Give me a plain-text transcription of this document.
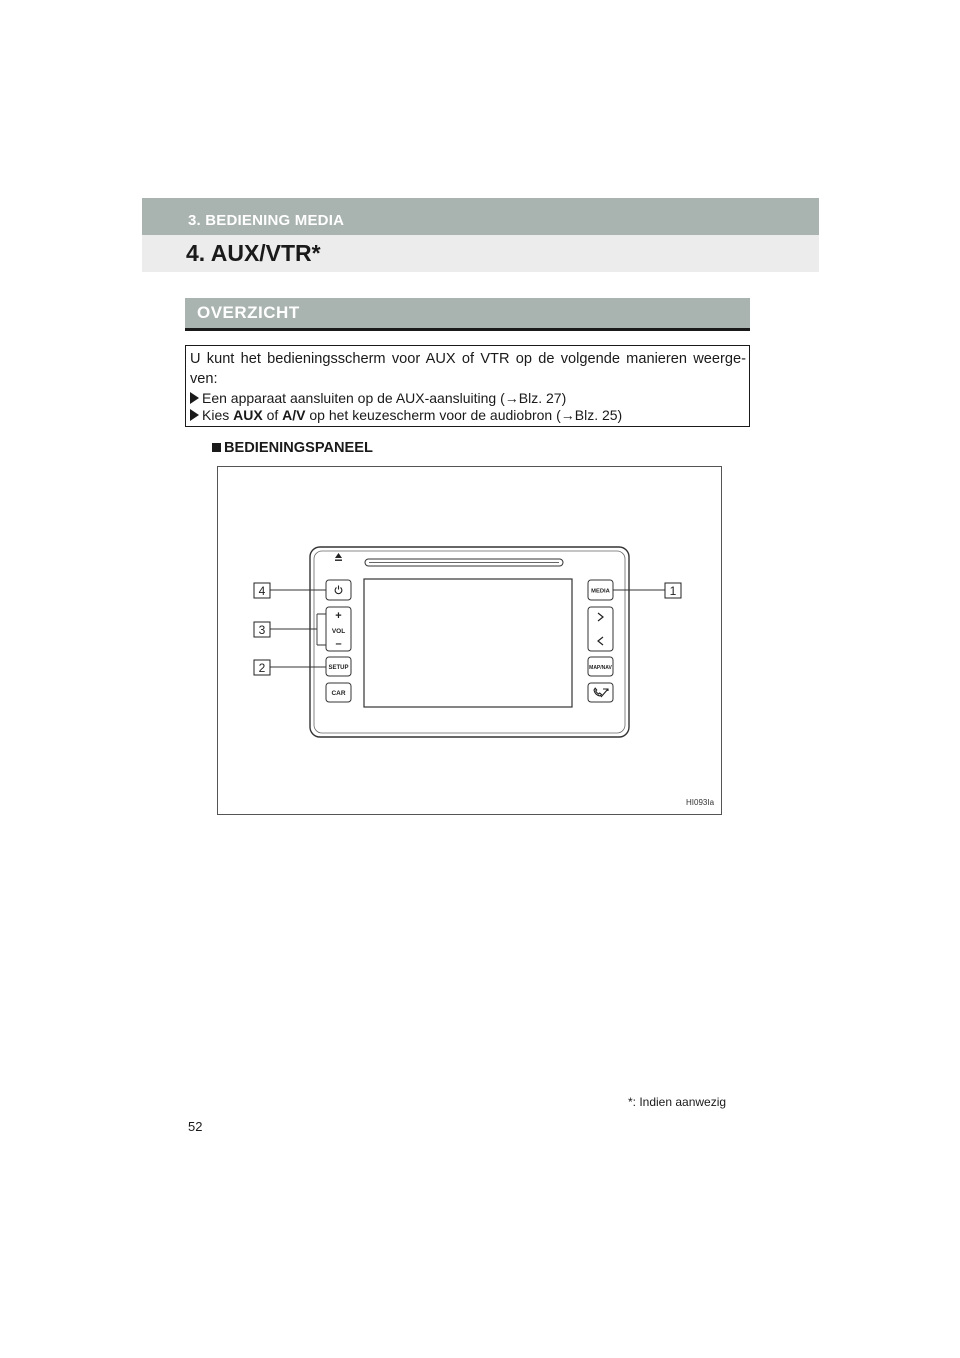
3. BEDIENING MEDIA
4. AUX/VTR*
OVERZICHT
U kunt het bedieningsscherm voor AUX of VTR op de volgende manieren weerge-ven:
Een apparaat aansluiten op de AUX-aansluiting (→Blz. 27)
Kies AUX of A/V op het keuzescherm voor de audiobron (→Blz. 25)
BEDIENINGSPANEEL
+
VOL
–
SETUP
CAR
MEDIA
MAP/NAV
4
3
2
1
HI093Ia
*: Indien aanwezig
52
